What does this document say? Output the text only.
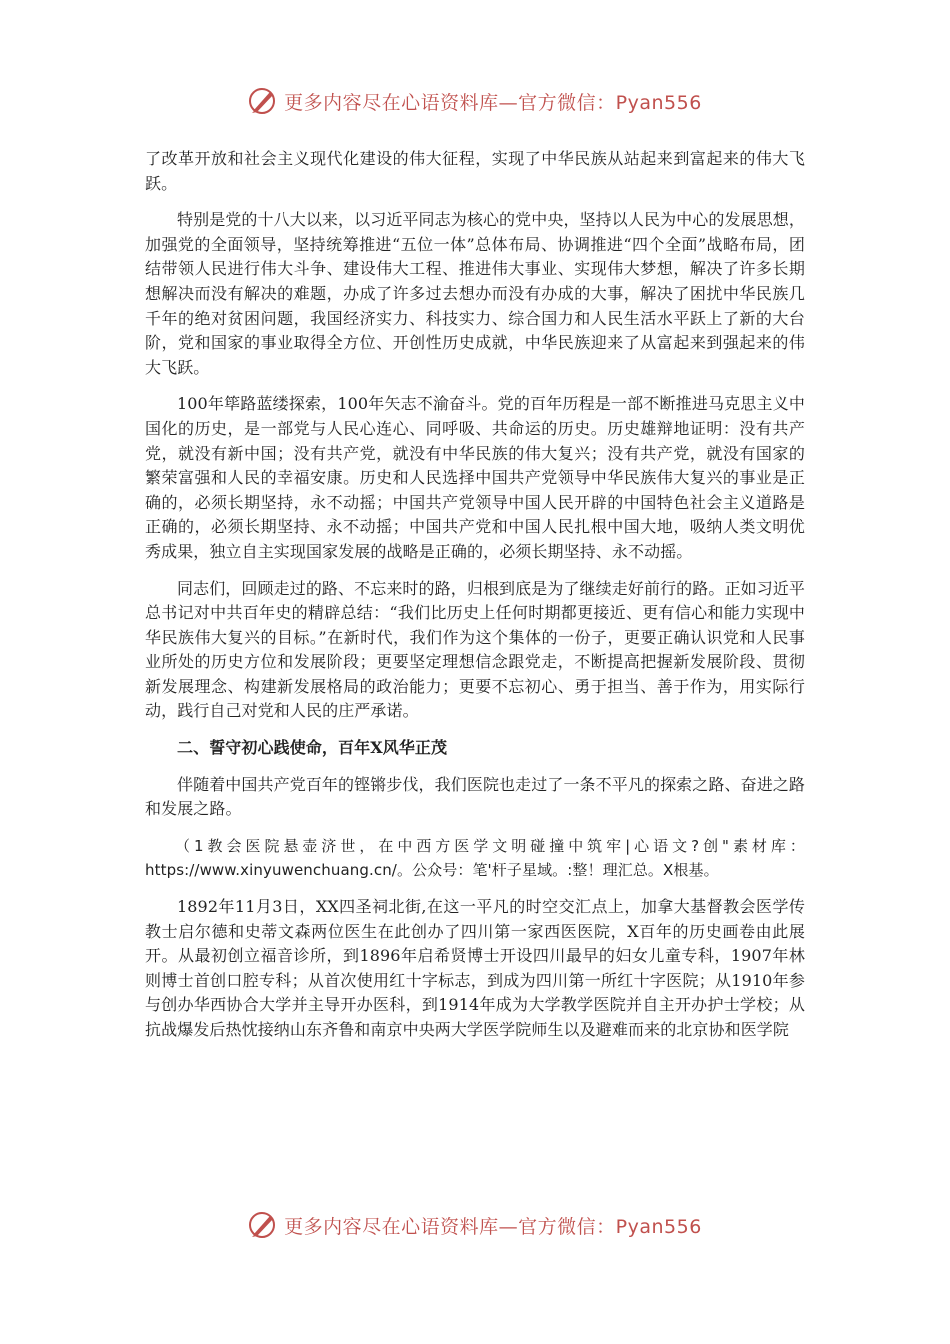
更多内容尽在心语资料库—官方微信：Pyan556

了改革开放和社会主义现代化建设的伟大征程，实现了中华民族从站起来到富起来的伟大飞跃。

特别是党的十八大以来，以习近平同志为核心的党中央，坚持以人民为中心的发展思想，加强党的全面领导，坚持统筹推进“五位一体”总体布局、协调推进“四个全面”战略布局，团结带领人民进行伟大斗争、建设伟大工程、推进伟大事业、实现伟大梦想，解决了许多长期想解决而没有解决的难题，办成了许多过去想办而没有办成的大事，解决了困扰中华民族几千年的绝对贫困问题，我国经济实力、科技实力、综合国力和人民生活水平跃上了新的大台阶，党和国家的事业取得全方位、开创性历史成就，中华民族迎来了从富起来到强起来的伟大飞跃。

100年筚路蓝缕探索，100年矢志不渝奋斗。党的百年历程是一部不断推进马克思主义中国化的历史，是一部党与人民心连心、同呼吸、共命运的历史。历史雄辩地证明：没有共产党，就没有新中国；没有共产党，就没有中华民族的伟大复兴；没有共产党，就没有国家的繁荣富强和人民的幸福安康。历史和人民选择中国共产党领导中华民族伟大复兴的事业是正确的，必须长期坚持，永不动摇；中国共产党领导中国人民开辟的中国特色社会主义道路是正确的，必须长期坚持、永不动摇；中国共产党和中国人民扎根中国大地，吸纳人类文明优秀成果，独立自主实现国家发展的战略是正确的，必须长期坚持、永不动摇。

同志们，回顾走过的路、不忘来时的路，归根到底是为了继续走好前行的路。正如习近平总书记对中共百年史的精辟总结：“我们比历史上任何时期都更接近、更有信心和能力实现中华民族伟大复兴的目标。”在新时代，我们作为这个集体的一份子，更要正确认识党和人民事业所处的历史方位和发展阶段；更要坚定理想信念跟党走，不断提高把握新发展阶段、贯彻新发展理念、构建新发展格局的政治能力；更要不忘初心、勇于担当、善于作为，用实际行动，践行自己对党和人民的庄严承诺。

二、誓守初心践使命，百年X风华正茂

伴随着中国共产党百年的铿锵步伐，我们医院也走过了一条不平凡的探索之路、奋进之路和发展之路。

（1教会医院悬壶济世，在中西方医学文明碰撞中筑牢|心语文?创"素材库：https://www.xinyuwenchuang.cn/。公众号：笔'杆子星域。:整！理汇总。X根基。

1892年11月3日，XX四圣祠北街,在这一平凡的时空交汇点上，加拿大基督教会医学传教士启尔德和史蒂文森两位医生在此创办了四川第一家西医医院，X百年的历史画卷由此展开。从最初创立福音诊所，到1896年启希贤博士开设四川最早的妇女儿童专科，1907年林则博士首创口腔专科；从首次使用红十字标志，到成为四川第一所红十字医院；从1910年参与创办华西协合大学并主导开办医科，到1914年成为大学教学医院并自主开办护士学校；从抗战爆发后热忱接纳山东齐鲁和南京中央两大学医学院师生以及避难而来的北京协和医学院

更多内容尽在心语资料库—官方微信：Pyan556
